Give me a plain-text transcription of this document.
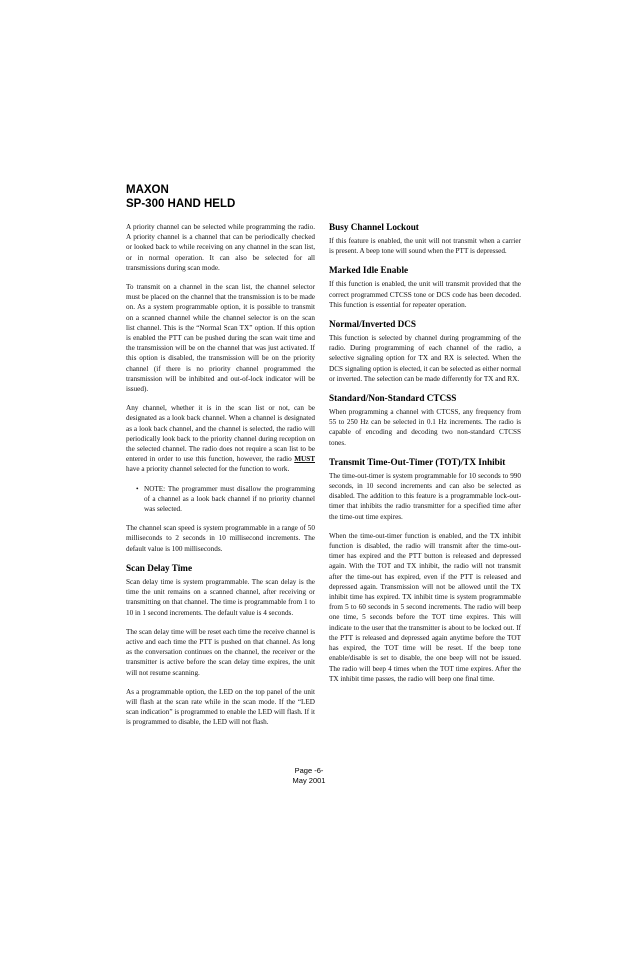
MAXON
SP-300 HAND HELD

A priority channel can be selected while programming the radio. A priority channel is a channel that can be periodically checked or looked back to while receiving on any channel in the scan list, or in normal operation. It can also be selected for all transmissions during scan mode.

To transmit on a channel in the scan list, the channel selector must be placed on the channel that the transmission is to be made on. As a system programmable option, it is possible to transmit on a scanned channel while the channel selector is on the scan list channel. This is the “Normal Scan TX” option. If this option is enabled the PTT can be pushed during the scan wait time and the transmission will be on the channel that was just activated. If this option is disabled, the transmission will be on the priority channel (if there is no priority channel programmed the transmission will be inhibited and out-of-lock indicator will be issued).

Any channel, whether it is in the scan list or not, can be designated as a look back channel. When a channel is designated as a look back channel, and the channel is selected, the radio will periodically look back to the priority channel during reception on the selected channel. The radio does not require a scan list to be entered in order to use this function, however, the radio MUST have a priority channel selected for the function to work.

• NOTE: The programmer must disallow the programming of a channel as a look back channel if no priority channel was selected.

The channel scan speed is system programmable in a range of 50 milliseconds to 2 seconds in 10 millisecond increments. The default value is 100 milliseconds.

Scan Delay Time

Scan delay time is system programmable. The scan delay is the time the unit remains on a scanned channel, after receiving or transmitting on that channel. The time is programmable from 1 to 10 in 1 second increments. The default value is 4 seconds.

The scan delay time will be reset each time the receive channel is active and each time the PTT is pushed on that channel. As long as the conversation continues on the channel, the receiver or the transmitter is active before the scan delay time expires, the unit will not resume scanning.

As a programmable option, the LED on the top panel of the unit will flash at the scan rate while in the scan mode. If the “LED scan indication” is programmed to enable the LED will flash. If it is programmed to disable, the LED will not flash.

Busy Channel Lockout

If this feature is enabled, the unit will not transmit when a carrier is present. A beep tone will sound when the PTT is depressed.

Marked Idle Enable

If this function is enabled, the unit will transmit provided that the correct programmed CTCSS tone or DCS code has been decoded. This function is essential for repeater operation.

Normal/Inverted DCS

This function is selected by channel during programming of the radio. During programming of each channel of the radio, a selective signaling option for TX and RX is selected. When the DCS signaling option is elected, it can be selected as either normal or inverted. The selection can be made differently for TX and RX.

Standard/Non-Standard CTCSS

When programming a channel with CTCSS, any frequency from 55 to 250 Hz can be selected in 0.1 Hz increments. The radio is capable of encoding and decoding two non-standard CTCSS tones.

Transmit Time-Out-Timer (TOT)/TX Inhibit

The time-out-timer is system programmable for 10 seconds to 990 seconds, in 10 second increments and can also be selected as disabled. The addition to this feature is a programmable lock-out-timer that inhibits the radio transmitter for a specified time after the time-out time expires.

When the time-out-timer function is enabled, and the TX inhibit function is disabled, the radio will transmit after the time-out-timer has expired and the PTT button is released and depressed again. With the TOT and TX inhibit, the radio will not transmit after the time-out has expired, even if the PTT is released and depressed again. Transmission will not be allowed until the TX inhibit time has expired. TX inhibit time is system programmable from 5 to 60 seconds in 5 second increments. The radio will beep one time, 5 seconds before the TOT time expires. This will indicate to the user that the transmitter is about to be locked out. If the PTT is released and depressed again anytime before the TOT has expired, the TOT time will be reset. If the beep tone enable/disable is set to disable, the one beep will not be issued. The radio will beep 4 times when the TOT time expires. After the TX inhibit time passes, the radio will beep one final time.

Page -6-
May 2001
